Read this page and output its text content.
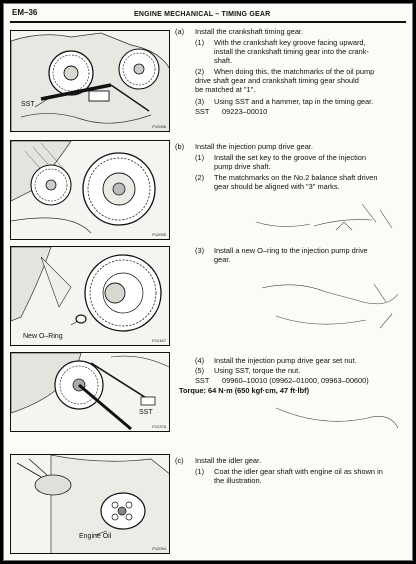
EM–36	ENGINE MECHANICAL – TIMING GEAR
SST
P12096
P12095
New O–Ring
P12167
SST
P12378
Engine Oil
P12094
(a) Install the crankshaft timing gear.
(1) With the crankshaft key groove facing upward,
install the crankshaft timing gear into the crank-
shaft.
(2) When doing this, the matchmarks of the oil pump
drive shaft gear and crankshaft timing gear should
be matched at "1".
(3) Using SST and a hammer, tap in the timing gear.
SST 09223–00010
(b) Install the injection pump drive gear.
(1) Install the set key to the groove of the injection
pump drive shaft.
(2) The matchmarks on the No.2 balance shaft driven
gear should be aligned with "3" marks.
(3) Install a new O–ring to the injection pump drive
gear.
(4) Install the injection pump drive gear set nut.
(5) Using SST, torque the nut.
SST 09960–10010 (09962–01000, 09963–00600)
Torque: 64 N·m (650 kgf·cm, 47 ft·lbf)
(c) Install the idler gear.
(1) Coat the idler gear shaft with engine oil as shown in
the illustration.
